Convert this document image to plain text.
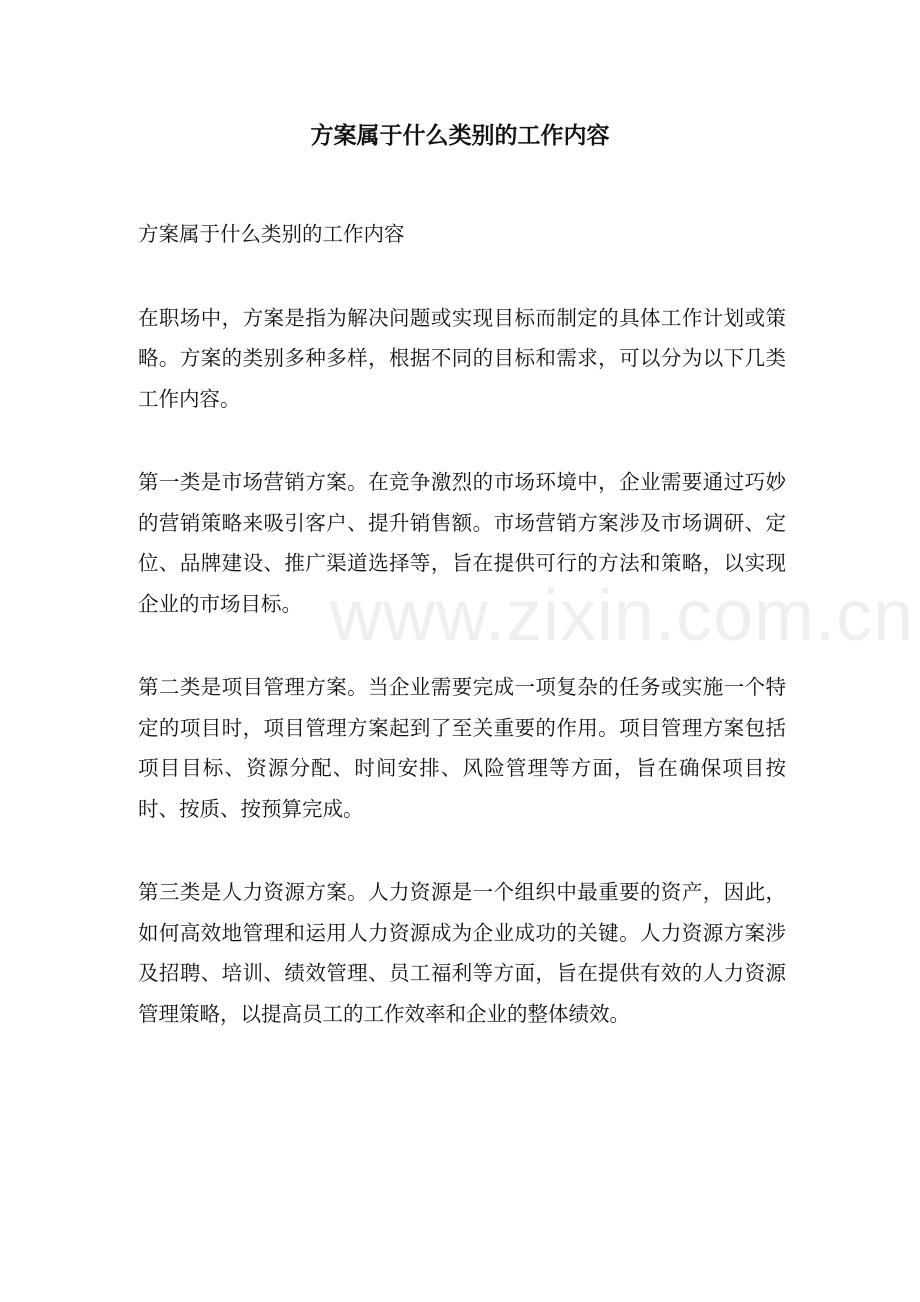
www.zixin.com.cn
方案属于什么类别的工作内容

方案属于什么类别的工作内容

在职场中，方案是指为解决问题或实现目标而制定的具体工作计划或策略。方案的类别多种多样，根据不同的目标和需求，可以分为以下几类工作内容。

第一类是市场营销方案。在竞争激烈的市场环境中，企业需要通过巧妙的营销策略来吸引客户、提升销售额。市场营销方案涉及市场调研、定位、品牌建设、推广渠道选择等，旨在提供可行的方法和策略，以实现企业的市场目标。

第二类是项目管理方案。当企业需要完成一项复杂的任务或实施一个特定的项目时，项目管理方案起到了至关重要的作用。项目管理方案包括项目目标、资源分配、时间安排、风险管理等方面，旨在确保项目按时、按质、按预算完成。

第三类是人力资源方案。人力资源是一个组织中最重要的资产，因此，如何高效地管理和运用人力资源成为企业成功的关键。人力资源方案涉及招聘、培训、绩效管理、员工福利等方面，旨在提供有效的人力资源管理策略，以提高员工的工作效率和企业的整体绩效。
